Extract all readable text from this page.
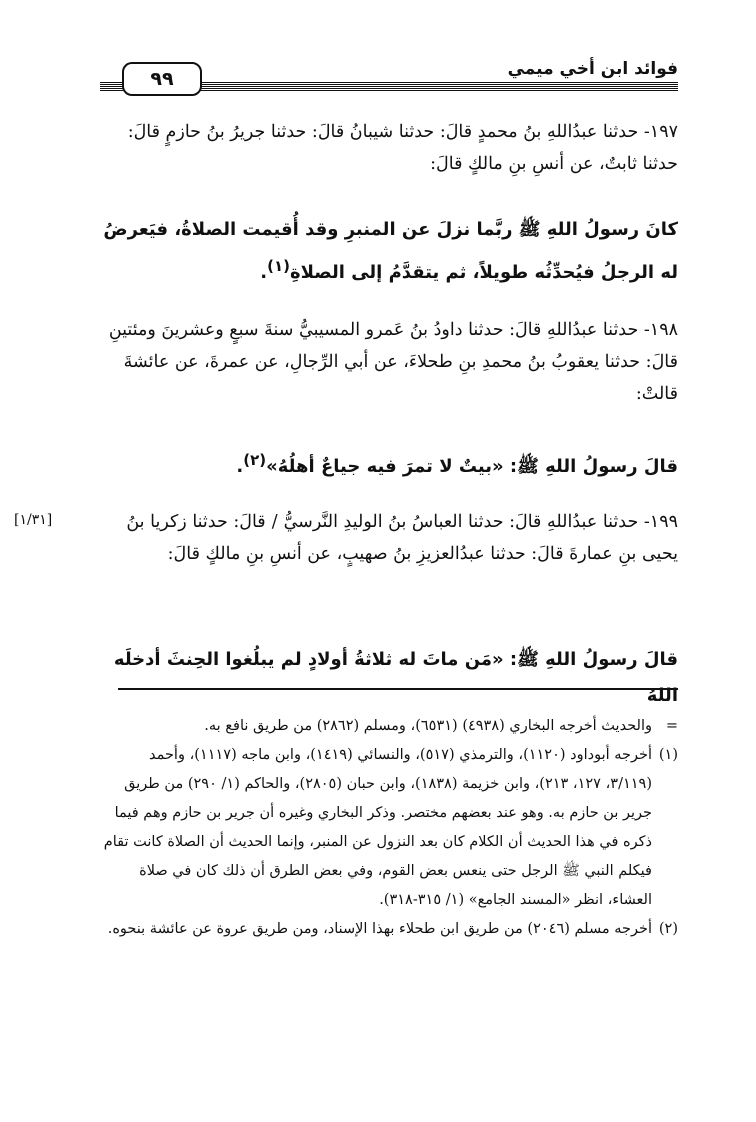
٩٩	فوائد ابن أخي ميمي
١٩٧- حدثنا عبدُاللهِ بنُ محمدٍ قالَ: حدثنا شيبانُ قالَ: حدثنا جريرُ بنُ حازمٍ قالَ: حدثنا ثابتٌ، عن أنسِ بنِ مالكٍ قالَ:
كانَ رسولُ اللهِ ﷺ ربَّما نزلَ عن المنبرِ وقد أُقيمت الصلاةُ، فيَعرضُ له الرجلُ فيُحدِّثُه طويلاً، ثم يتقدَّمُ إلى الصلاةِ$^{(١)}$.
١٩٨- حدثنا عبدُاللهِ قالَ: حدثنا داودُ بنُ عَمرو المسيبيُّ سنةَ سبعٍ وعشرينَ ومئتينِ قالَ: حدثنا يعقوبُ بنُ محمدِ بنِ طحلاءَ، عن أبي الرِّجالِ، عن عمرةَ، عن عائشةَ قالتْ:
قالَ رسولُ اللهِ ﷺ: «بيتٌ لا تمرَ فيه جياعٌ أهلُهُ»$^{(٢)}$.
[١/٣١]	١٩٩- حدثنا عبدُاللهِ قالَ: حدثنا العباسُ بنُ الوليدِ النَّرسيُّ/قالَ: حدثنا زكريا بنُ يحيى بنِ عمارةَ قالَ: حدثنا عبدُالعزيزِ بنُ صهيبٍ، عن أنسِ بنِ مالكٍ قالَ:
قالَ رسولُ اللهِ ﷺ: «مَن ماتَ له ثلاثةُ أولادٍ لم يبلُغوا الحِنثَ أدخلَه اللهُ
=
والحديث أخرجه البخاري (٤٩٣٨) (٦٥٣١)، ومسلم (٢٨٦٢) من طريق نافع به.
(١)
أخرجه أبوداود (١١٢٠)، والترمذي (٥١٧)، والنسائي (١٤١٩)، وابن ماجه (١١١٧)، وأحمد (٣/١١٩، ١٢٧، ٢١٣)، وابن خزيمة (١٨٣٨)، وابن حبان (٢٨٠٥)، والحاكم (١/ ٢٩٠) من طريق جرير بن حازم به. وهو عند بعضهم مختصر. وذكر البخاري وغيره أن جرير بن حازم وهم فيما ذكره في هذا الحديث أن الكلام كان بعد النزول عن المنبر، وإنما الحديث أن الصلاة كانت تقام فيكلم النبي ﷺ الرجل حتى ينعس بعض القوم، وفي بعض الطرق أن ذلك كان في صلاة العشاء، انظر «المسند الجامع» (١/ ٣١٥-٣١٨).
(٢)
أخرجه مسلم (٢٠٤٦) من طريق ابن طحلاء بهذا الإسناد، ومن طريق عروة عن عائشة بنحوه.
